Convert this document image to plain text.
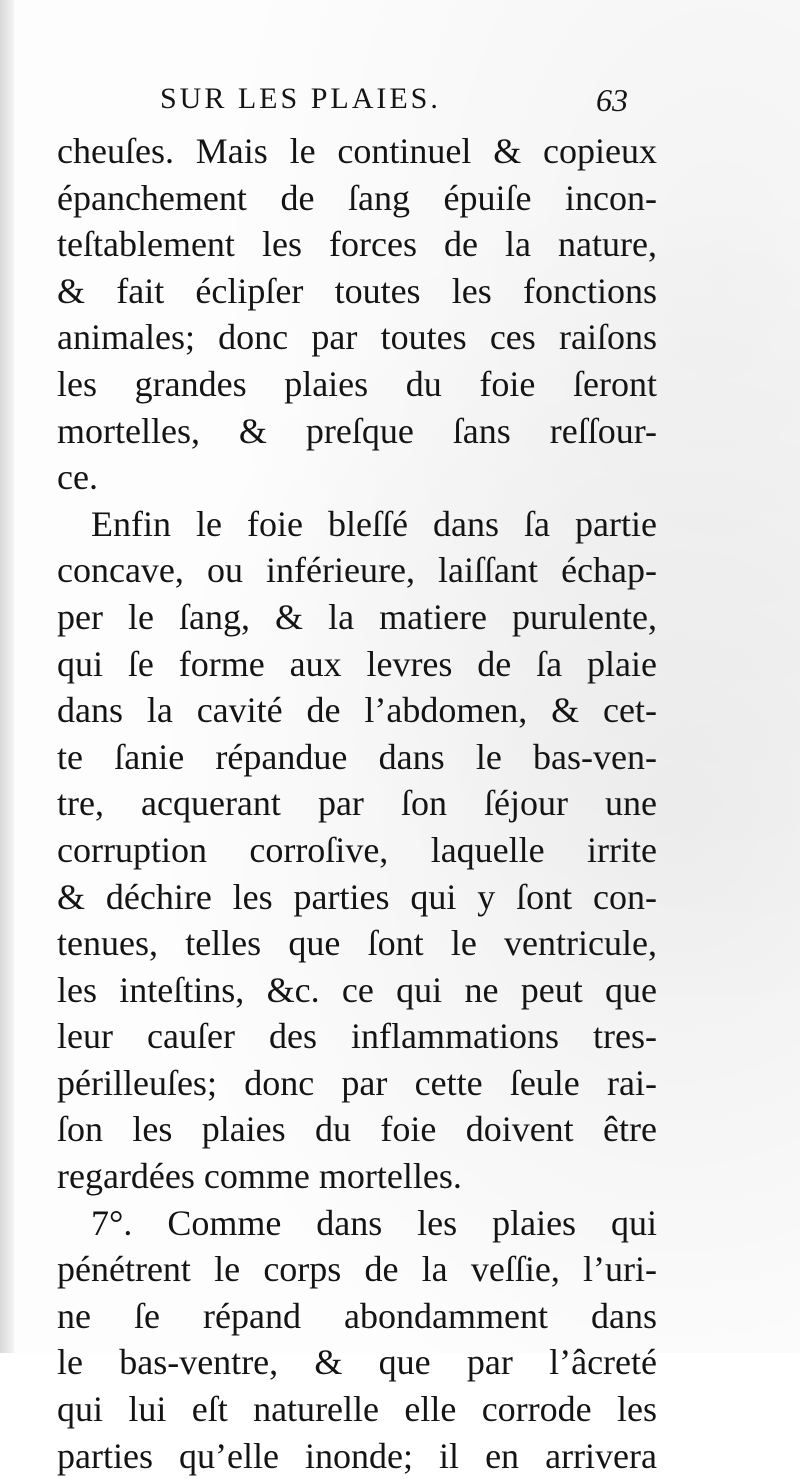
SUR LES PLAIES.	63
cheuſes. Mais le continuel & copieux
épanchement de ſang épuiſe incon-
teſtablement les forces de la nature,
& fait éclipſer toutes les fonctions
animales; donc par toutes ces raiſons
les grandes plaies du foie ſeront
mortelles, & preſque ſans reſſour-
ce.
Enfin le foie bleſſé dans ſa partie
concave, ou inférieure, laiſſant échap-
per le ſang, & la matiere purulente,
qui ſe forme aux levres de ſa plaie
dans la cavité de l’abdomen, & cet-
te ſanie répandue dans le bas-ven-
tre, acquerant par ſon ſéjour une
corruption corroſive, laquelle irrite
& déchire les parties qui y ſont con-
tenues, telles que ſont le ventricule,
les inteſtins, &c. ce qui ne peut que
leur cauſer des inflammations tres-
périlleuſes; donc par cette ſeule rai-
ſon les plaies du foie doivent être
regardées comme mortelles.
7°. Comme dans les plaies qui
pénétrent le corps de la veſſie, l’uri-
ne ſe répand abondamment dans
le bas-ventre, & que par l’âcreté
qui lui eſt naturelle elle corrode les
parties qu’elle inonde; il en arrivera
